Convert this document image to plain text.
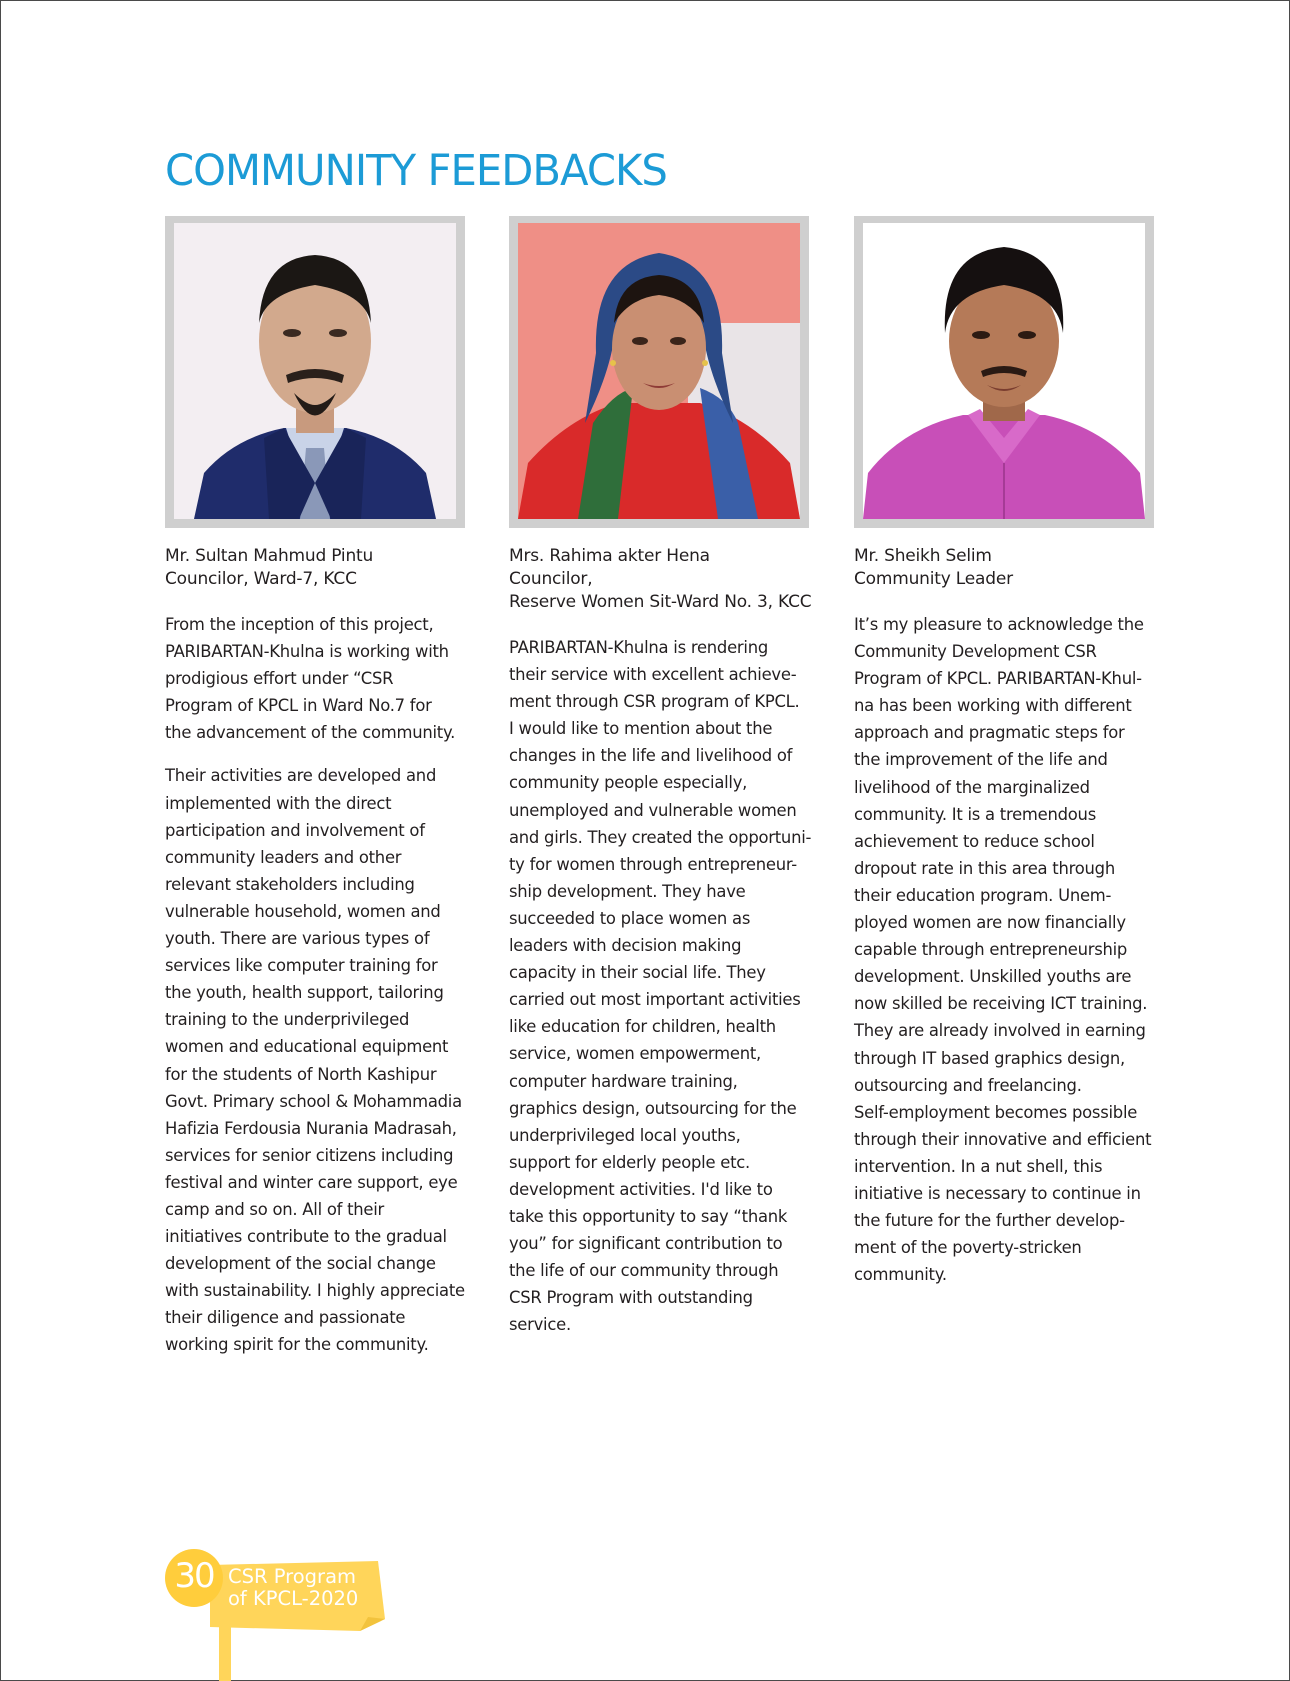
COMMUNITY FEEDBACKS
Mr. Sultan Mahmud Pintu
Councilor, Ward-7, KCC

From the inception of this project,
PARIBARTAN-Khulna is working with
prodigious effort under “CSR
Program of KPCL in Ward No.7 for
the advancement of the community.

Their activities are developed and
implemented with the direct
participation and involvement of
community leaders and other
relevant stakeholders including
vulnerable household, women and
youth. There are various types of
services like computer training for
the youth, health support, tailoring
training to the underprivileged
women and educational equipment
for the students of North Kashipur
Govt. Primary school & Mohammadia
Hafizia Ferdousia Nurania Madrasah,
services for senior citizens including
festival and winter care support, eye
camp and so on. All of their
initiatives contribute to the gradual
development of the social change
with sustainability. I highly appreciate
their diligence and passionate
working spirit for the community.

Mrs. Rahima akter Hena
Councilor,
Reserve Women Sit-Ward No. 3, KCC

PARIBARTAN-Khulna is rendering
their service with excellent achieve-
ment through CSR program of KPCL.
I would like to mention about the
changes in the life and livelihood of
community people especially,
unemployed and vulnerable women
and girls. They created the opportuni-
ty for women through entrepreneur-
ship development. They have
succeeded to place women as
leaders with decision making
capacity in their social life. They
carried out most important activities
like education for children, health
service, women empowerment,
computer hardware training,
graphics design, outsourcing for the
underprivileged local youths,
support for elderly people etc.
development activities. I'd like to
take this opportunity to say “thank
you” for significant contribution to
the life of our community through
CSR Program with outstanding
service.

Mr. Sheikh Selim
Community Leader

It’s my pleasure to acknowledge the
Community Development CSR
Program of KPCL. PARIBARTAN-Khul-
na has been working with different
approach and pragmatic steps for
the improvement of the life and
livelihood of the marginalized
community. It is a tremendous
achievement to reduce school
dropout rate in this area through
their education program. Unem-
ployed women are now financially
capable through entrepreneurship
development. Unskilled youths are
now skilled be receiving ICT training.
They are already involved in earning
through IT based graphics design,
outsourcing and freelancing.
Self-employment becomes possible
through their innovative and efficient
intervention. In a nut shell, this
initiative is necessary to continue in
the future for the further develop-
ment of the poverty-stricken
community.

30 CSR Program
of KPCL-2020
